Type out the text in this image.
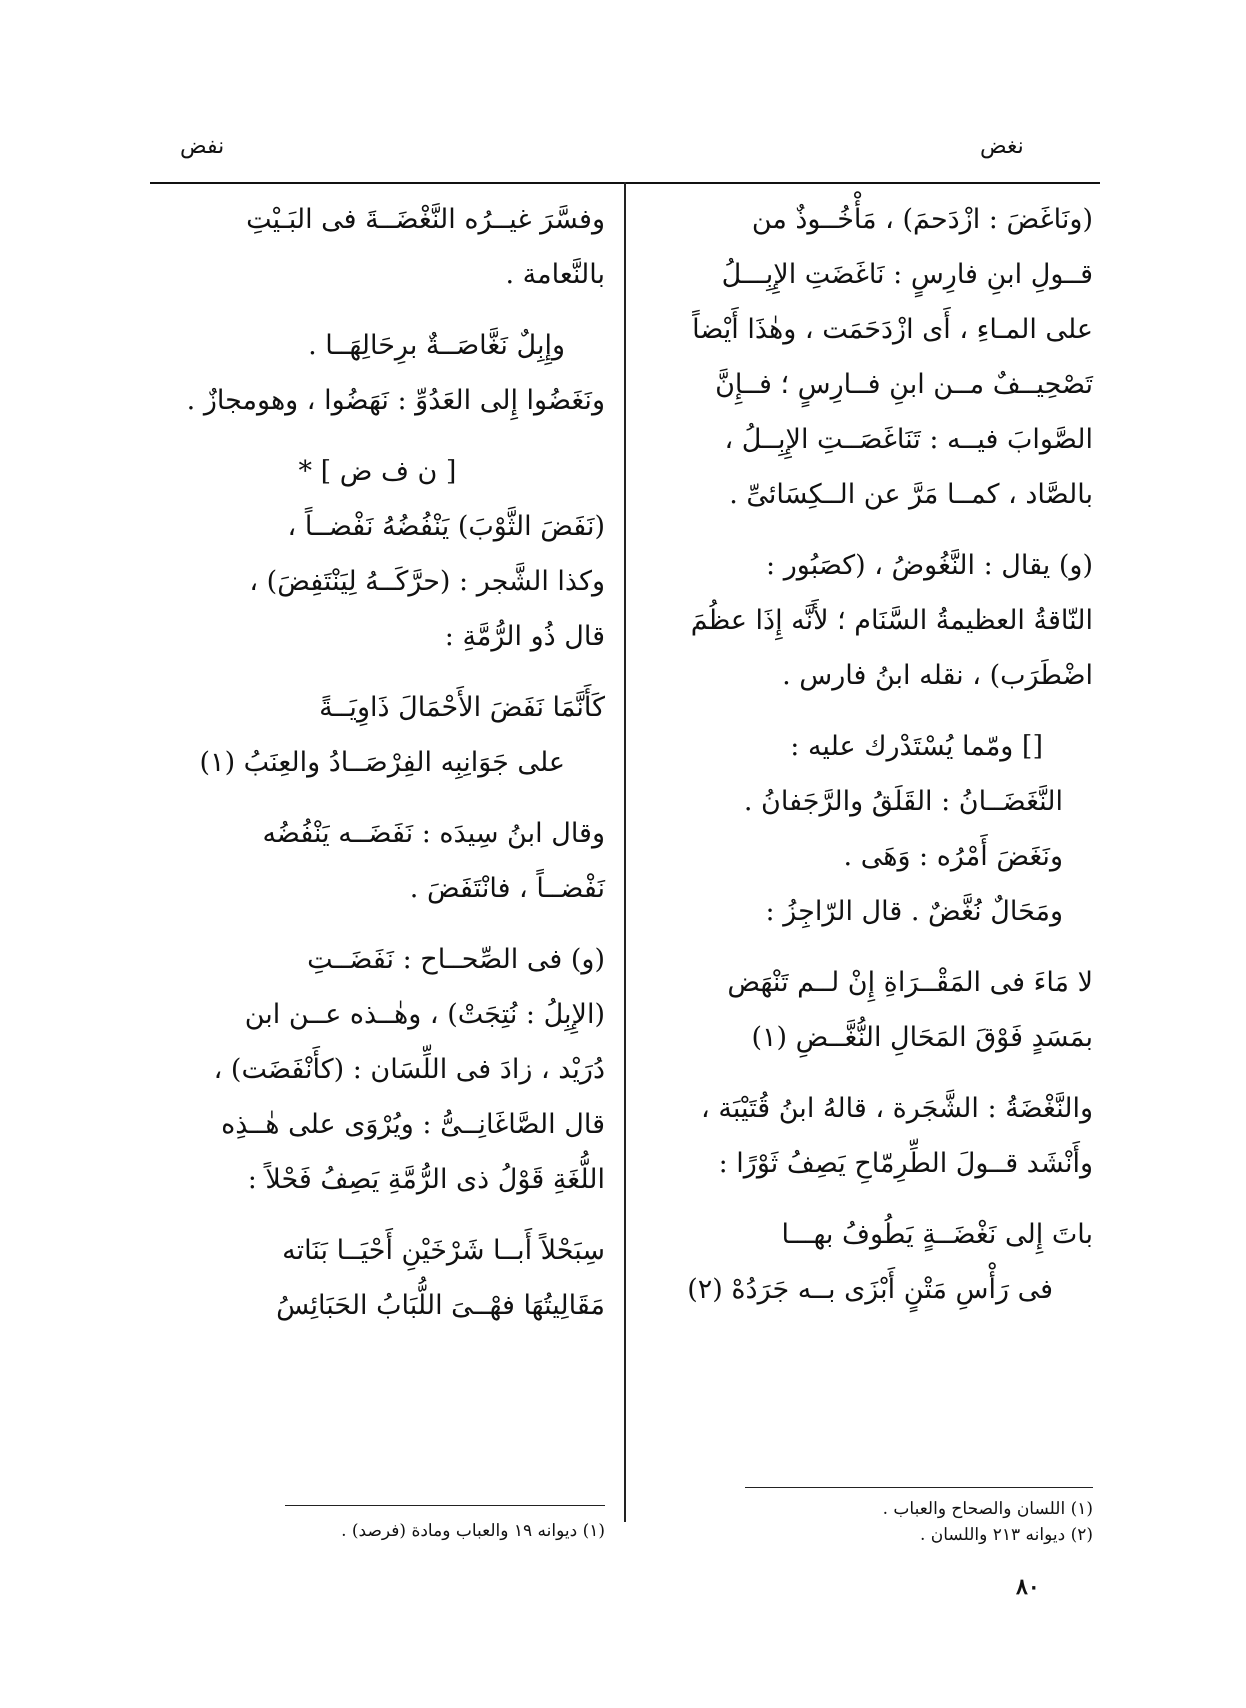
نغض
نفض
(ونَاغَضَ : ازْدَحمَ) ، مَأْخُــوذٌ من
قــولِ ابنِ فارِسٍ : نَاغَضَتِ الإِبِـــلُ
على المـاءِ ، أَى ازْدَحَمَت ، وهٰذَا أَيْضاً
تَصْحِيــفٌ مــن ابنِ فــارِسٍ ؛ فــإِنَّ
الصَّوابَ فيــه : تَنَاغَصَــتِ الإِبِــلُ ،
بالصَّاد ، كمــا مَرَّ عن الــكِسَائىِّ .
(و) يقال : النَّغُوضُ ، (كصَبُور :
النّاقةُ العظيمةُ السَّنَام ؛ لأَنَّه إِذَا عظُمَ
اضْطَرَب) ، نقله ابنُ فارس .
[] ومّما يُسْتَدْرك عليه :
النَّغَضَــانُ : القَلَقُ والرَّجَفانُ .
ونَغَضَ أَمْرُه : وَهَى .
ومَحَالٌ نُغَّضٌ . قال الرّاجِزُ :
لا مَاءَ فى المَقْــرَاةِ إِنْ لــم تَنْهَض
بمَسَدٍ فَوْقَ المَحَالِ النُّغَّــضِ (١)
والنَّغْضَةُ : الشَّجَرة ، قالهُ ابنُ قُتَيْبَة ،
وأَنْشَد قــولَ الطِّرِمّاحِ يَصِفُ ثَوْرًا :
باتَ إِلى نَغْضَــةٍ يَطُوفُ بهـــا
فى رَأْسِ مَتْنٍ أَبْزَى بــه جَرَدُهْ (٢)
وفسَّرَ غيــرُه النَّغْضَــةَ فى البَـيْتِ
بالنَّعامة .
وإِبِلٌ نَغَّاصَــةٌ برِحَالِهَــا .
ونَغَضُوا إِلى العَدُوِّ : نَهَضُوا ، وهومجازٌ .
[ ن ف ض ] *
(نَفَضَ الثَّوْبَ) يَنْفُضُهُ نَفْضــاً ،
وكذا الشَّجر : (حرَّكَــهُ لِيَنْتَفِضَ) ،
قال ذُو الرُّمَّةِ :
كَأَنَّمَا نَفَضَ الأَحْمَالَ ذَاوِيَــةً
على جَوَانِبِه الفِرْصَــادُ والعِنَبُ (١)
وقال ابنُ سِيدَه : نَفَضَــه يَنْفُضُه
نَفْضــاً ، فانْتَفَضَ .
(و) فى الصِّحــاح : نَفَضَــتِ
(الإِبِلُ : نُتِجَتْ) ، وهٰــذه عــن ابن
دُرَيْد ، زادَ فى اللِّسَان : (كأَنْفَضَت) ،
قال الصَّاغَانِــىُّ : ويُرْوَى على هٰــذِه
اللُّغَةِ قَوْلُ ذى الرُّمَّةِ يَصِفُ فَحْلاً :
سِبَحْلاً أَبــا شَرْخَيْنِ أَحْيَــا بَنَاته
مَقَالِيتُهَا فهْــىَ اللُّبَابُ الحَبَائِسُ
(١) ديوانه ١٩ والعباب ومادة (فرصد) .
(١) اللسان والصحاح والعباب .
(٢) ديوانه ٢١٣ واللسان .
٨٠
